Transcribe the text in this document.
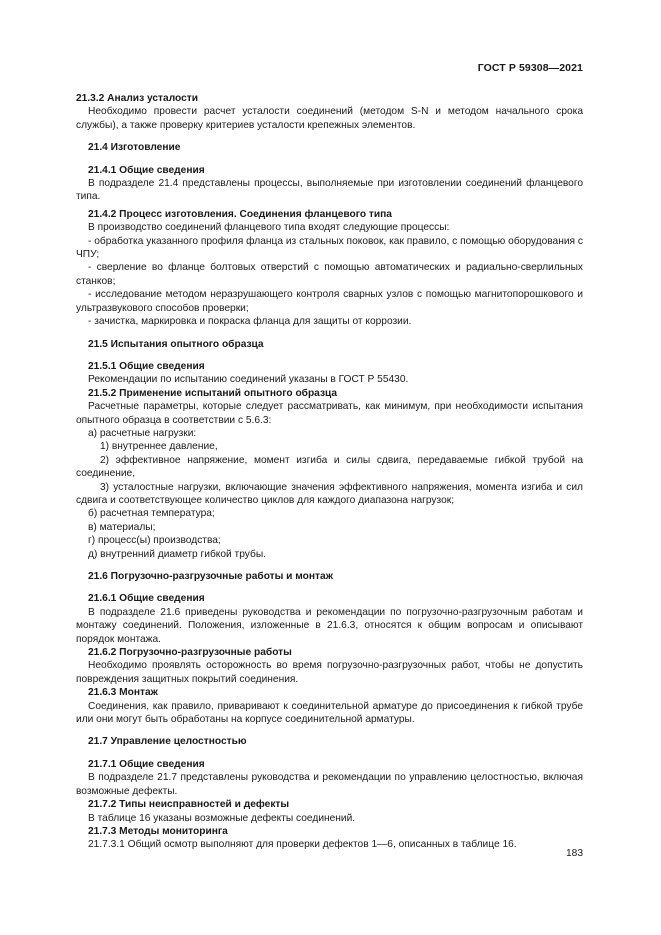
ГОСТ Р 59308—2021
21.3.2 Анализ усталости
Необходимо провести расчет усталости соединений (методом S-N и методом начального срока службы), а также проверку критериев усталости крепежных элементов.
21.4 Изготовление
21.4.1 Общие сведения
В подразделе 21.4 представлены процессы, выполняемые при изготовлении соединений фланцевого типа.
21.4.2 Процесс изготовления. Соединения фланцевого типа
В производство соединений фланцевого типа входят следующие процессы:
- обработка указанного профиля фланца из стальных поковок, как правило, с помощью оборудования с ЧПУ;
- сверление во фланце болтовых отверстий с помощью автоматических и радиально-сверлильных станков;
- исследование методом неразрушающего контроля сварных узлов с помощью магнитопорошкового и ультразвукового способов проверки;
- зачистка, маркировка и покраска фланца для защиты от коррозии.
21.5 Испытания опытного образца
21.5.1 Общие сведения
Рекомендации по испытанию соединений указаны в ГОСТ Р 55430.
21.5.2 Применение испытаний опытного образца
Расчетные параметры, которые следует рассматривать, как минимум, при необходимости испытания опытного образца в соответствии с 5.6.3:
а) расчетные нагрузки:
1) внутреннее давление,
2) эффективное напряжение, момент изгиба и силы сдвига, передаваемые гибкой трубой на соединение,
3) усталостные нагрузки, включающие значения эффективного напряжения, момента изгиба и сил сдвига и соответствующее количество циклов для каждого диапазона нагрузок;
б) расчетная температура;
в) материалы;
г) процесс(ы) производства;
д) внутренний диаметр гибкой трубы.
21.6 Погрузочно-разгрузочные работы и монтаж
21.6.1 Общие сведения
В подразделе 21.6 приведены руководства и рекомендации по погрузочно-разгрузочным работам и монтажу соединений. Положения, изложенные в 21.6.3, относятся к общим вопросам и описывают порядок монтажа.
21.6.2 Погрузочно-разгрузочные работы
Необходимо проявлять осторожность во время погрузочно-разгрузочных работ, чтобы не допустить повреждения защитных покрытий соединения.
21.6.3 Монтаж
Соединения, как правило, приваривают к соединительной арматуре до присоединения к гибкой трубе или они могут быть обработаны на корпусе соединительной арматуры.
21.7 Управление целостностью
21.7.1 Общие сведения
В подразделе 21.7 представлены руководства и рекомендации по управлению целостностью, включая возможные дефекты.
21.7.2 Типы неисправностей и дефекты
В таблице 16 указаны возможные дефекты соединений.
21.7.3 Методы мониторинга
21.7.3.1 Общий осмотр выполняют для проверки дефектов 1—6, описанных в таблице 16.
183
